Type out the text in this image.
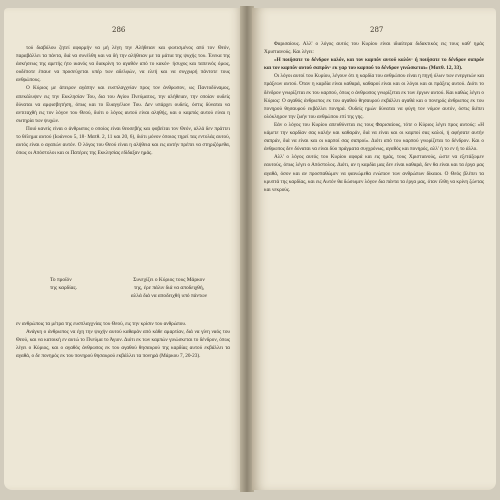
286

τού διαβόλου ζητεί αφορμήν να μή λέγη την Αλήθειαν και φωτισμένος από τον Θεόν, παραβάλλει τα πάντα, διά να συνέλθη και να δή την αλήθειαν με τα μάτια της ψυχής του. Ένεκα της άσκήσεως της αρετής ήτο ικανός να διακρίνη το αγαθόν από το κακόν· ήσυχος και ταπεινός όμως, ουδέποτε έπαυε να προσεύχεται υπέρ των αδελφών, να ελεή και να συγχωρή πάντοτε τους ανθρώπους.

Ο Κύριος με άπειρον αγάπην και ευσπλαγχνίαν προς τον άνθρωπον, ως Παντοδύναμος, απεκάλυψεν εις την Εκκλησίαν Του, δια του Αγίου Πνεύματος, την αλήθειαν, την οποίαν ουδείς δύναται να αμφισβητήση, όπως και το Ευαγγέλιον Του. Δεν υπάρχει ουδείς, όστις δύναται να αντιταχθή εις τον λόγον του Θεού, διότι ο λόγος αυτού είναι αληθής, και ο καρπός αυτού είναι η σωτηρία των ψυχών.

Ποιό κανείς είναι ο άνθρωπος ο οποίος είναι θεοσεβής και φοβείται τον Θεόν, αλλά δεν πράττει το θέλημα αυτού (Ιωάννου 5, 18· Ματθ. 2, 11 και 20, 6), διότι μόνον όποιος τηρεί τας εντολάς αυτού, αυτός είναι ο αγαπών αυτόν. Ο λόγος του Θεού είναι η αλήθεια και εις αυτήν πρέπει να στηριζόμεθα, όπως οι Απόστολοι και οι Πατέρες της Εκκλησίας εδίδαξαν ημάς.

Το προϊόν
της καρδίας.
Συνεχίζει ο Κύριος τους Μάρκον
της, έρε πάλιν διά να αποδειχθή,
αλλά διά να αποδειχθή υπό πάντων

εν ανθρώποις τα μέτρα της ευσπλαγχνίας του Θεού, εις την κρίσιν του ανθρώπου.

Ανάγκη ο άνθρωπος να έχη την ψυχήν αυτού καθαράν από κάθε αμαρτίαν, διά να γίνη ναός του Θεού, και να κατοική εν αυτώ το Πνεύμα το Άγιον. Διότι εκ των καρπών γινώσκεται το δένδρον, όπως λέγει ο Κύριος, και ο αγαθός άνθρωπος εκ του αγαθού θησαυρού της καρδίας αυτού εκβάλλει τα αγαθά, ο δε πονηρός εκ του πονηρού θησαυρού εκβάλλει τα πονηρά (Μάρκου 7, 20-23).

287

Φαρισαίους. Αλλ' ο λόγος αυτός του Κυρίου είναι ιδιαίτερα διδακτικός εις τους καθ' ημάς Χριστιανούς. Και λέγει:

«Η ποιήσατε το δένδρον καλόν, και τον καρπόν αυτού καλόν· ή ποιήσατε το δένδρον σαπρόν και τον καρπόν αυτού σαπρόν· εκ γαρ του καρπού το δένδρον γινώσκεται» (Ματθ. 12, 33).

Οι λόγοι αυτοί του Κυρίου, λέγουν ότι η καρδία του ανθρώπου είναι η πηγή όλων των ενεργειών και πράξεων αυτού. Όταν η καρδία είναι καθαρά, καθαροί είναι και οι λόγοι και αι πράξεις αυτού. Διότι το δένδρον γνωρίζεται εκ του καρπού, όπως ο άνθρωπος γνωρίζεται εκ των έργων αυτού. Και καθώς λέγει ο Κύριος: Ο αγαθός άνθρωπος εκ του αγαθού θησαυρού εκβάλλει αγαθά και ο πονηρός άνθρωπος εκ του πονηρού θησαυρού εκβάλλει πονηρά. Ουδείς ημών δύναται να φύγη τον νόμον αυτόν, όστις διέπει ολόκληρον την ζωήν του ανθρώπου επί της γης.

Εάν ο λόγος του Κυρίου απευθύνεται εις τους Φαρισαίους, τότε ο Κύριος λέγει προς αυτούς: «Η κάμετε την καρδίαν σας καλήν και καθαράν, διά να είναι και οι καρποί σας καλοί, ή αφήσατε αυτήν σαπράν, διά να είναι και οι καρποί σας σαπροί». Διότι από του καρπού γνωρίζεται το δένδρον. Και ο άνθρωπος δεν δύναται να είναι δύο πράγματα συγχρόνως, αγαθός και πονηρός, αλλ' ή το εν ή το άλλο.

Αλλ' ο λόγος αυτός του Κυρίου αφορά και εις ημάς, τους Χριστιανούς, ώστε να εξετάζωμεν εαυτούς, όπως λέγει ο Απόστολος. Διότι, αν η καρδία μας δεν είναι καθαρά, δεν θα είναι και τα έργα μας αγαθά, όσον και αν προσπαθώμεν να φαινώμεθα ενώπιον των ανθρώπων δίκαιοι. Ο Θεός βλέπει τα κρυπτά της καρδίας, και εις Αυτόν θα δώσωμεν λόγον δια πάντα τα έργα μας, όταν έλθη να κρίνη ζώντας και νεκρούς.
